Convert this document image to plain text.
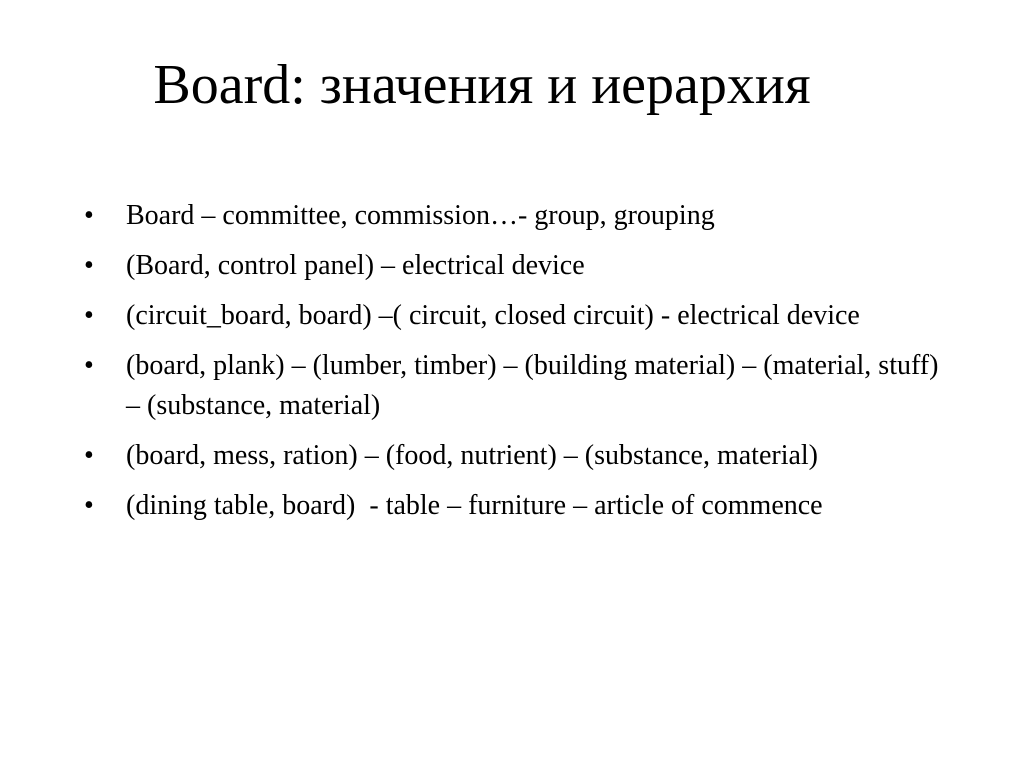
Board: значения и иерархия
•	Board – committee, commission…- group, grouping
•	(Board, control panel) – electrical device
•	(circuit_board, board) –( circuit, closed circuit) - electrical device
•	(board, plank) – (lumber, timber) – (building material) – (material, stuff) – (substance, material)
•	(board, mess, ration) – (food, nutrient) – (substance, material)
•	(dining table, board)  - table – furniture – article of commence
